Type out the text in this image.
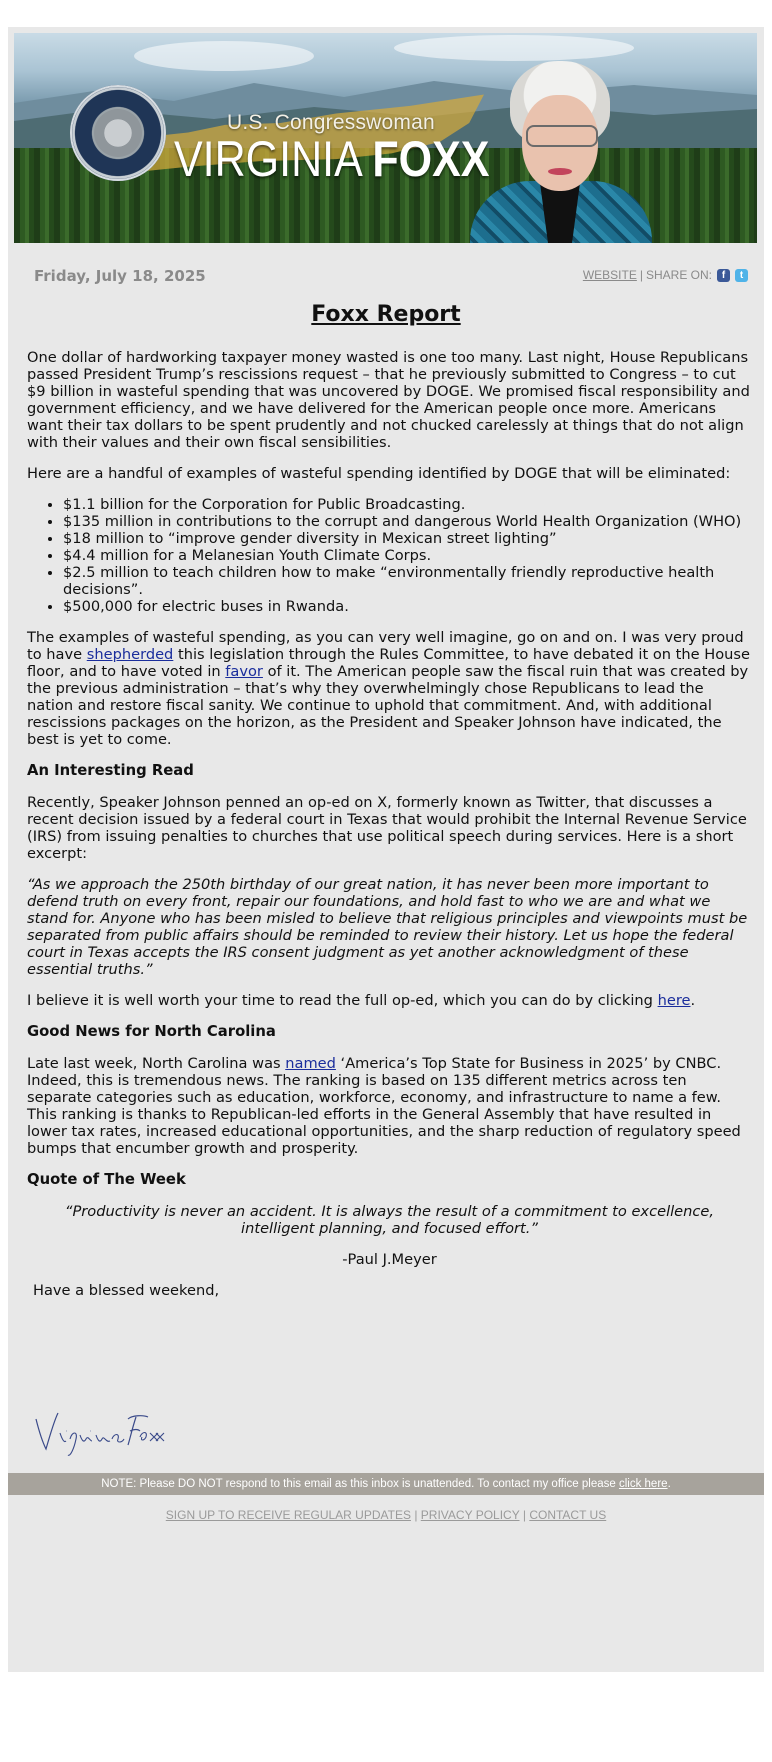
U.S. Congresswoman
VIRGINIA FOXX
Friday, July 18, 2025	WEBSITE | SHARE ON: f	t
Foxx Report

One dollar of hardworking taxpayer money wasted is one too many. Last night, House Republicans passed President Trump’s rescissions request – that he previously submitted to Congress – to cut $9 billion in wasteful spending that was uncovered by DOGE. We promised fiscal responsibility and government efficiency, and we have delivered for the American people once more. Americans want their tax dollars to be spent prudently and not chucked carelessly at things that do not align with their values and their own fiscal sensibilities.

Here are a handful of examples of wasteful spending identified by DOGE that will be eliminated:

• $1.1 billion for the Corporation for Public Broadcasting.
• $135 million in contributions to the corrupt and dangerous World Health Organization (WHO)
• $18 million to “improve gender diversity in Mexican street lighting”
• $4.4 million for a Melanesian Youth Climate Corps.
• $2.5 million to teach children how to make “environmentally friendly reproductive health decisions”.
• $500,000 for electric buses in Rwanda.

The examples of wasteful spending, as you can very well imagine, go on and on. I was very proud to have shepherded this legislation through the Rules Committee, to have debated it on the House floor, and to have voted in favor of it. The American people saw the fiscal ruin that was created by the previous administration – that’s why they overwhelmingly chose Republicans to lead the nation and restore fiscal sanity. We continue to uphold that commitment. And, with additional rescissions packages on the horizon, as the President and Speaker Johnson have indicated, the best is yet to come.

An Interesting Read

Recently, Speaker Johnson penned an op-ed on X, formerly known as Twitter, that discusses a recent decision issued by a federal court in Texas that would prohibit the Internal Revenue Service (IRS) from issuing penalties to churches that use political speech during services. Here is a short excerpt:

“As we approach the 250th birthday of our great nation, it has never been more important to defend truth on every front, repair our foundations, and hold fast to who we are and what we stand for. Anyone who has been misled to believe that religious principles and viewpoints must be separated from public affairs should be reminded to review their history. Let us hope the federal court in Texas accepts the IRS consent judgment as yet another acknowledgment of these essential truths.”

I believe it is well worth your time to read the full op-ed, which you can do by clicking here.

Good News for North Carolina

Late last week, North Carolina was named ‘America’s Top State for Business in 2025’ by CNBC. Indeed, this is tremendous news. The ranking is based on 135 different metrics across ten separate categories such as education, workforce, economy, and infrastructure to name a few. This ranking is thanks to Republican-led efforts in the General Assembly that have resulted in lower tax rates, increased educational opportunities, and the sharp reduction of regulatory speed bumps that encumber growth and prosperity.

Quote of The Week

“Productivity is never an accident. It is always the result of a commitment to excellence, intelligent planning, and focused effort.”

-Paul J.Meyer

Have a blessed weekend,

NOTE: Please DO NOT respond to this email as this inbox is unattended. To contact my office please click here.
SIGN UP TO RECEIVE REGULAR UPDATES | PRIVACY POLICY | CONTACT US
